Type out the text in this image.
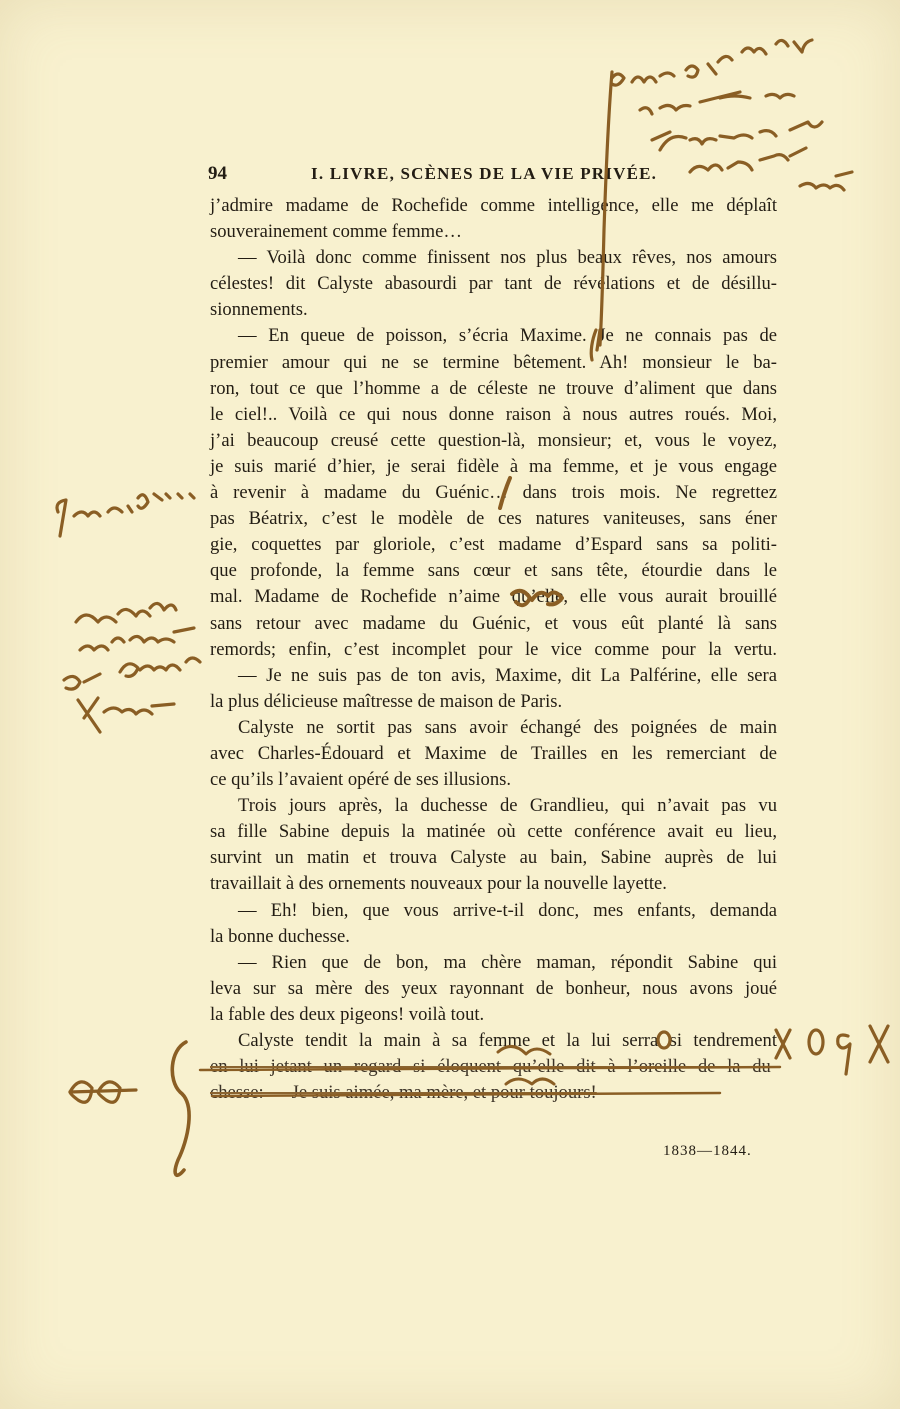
94	I. LIVRE, SCÈNES DE LA VIE PRIVÉE.
j’admire madame de Rochefide comme intelligence, elle me déplaît
souverainement comme femme…
— Voilà donc comme finissent nos plus beaux rêves, nos amours
célestes! dit Calyste abasourdi par tant de révélations et de désillu-
sionnements.
— En queue de poisson, s’écria Maxime. Je ne connais pas de
premier amour qui ne se termine bêtement. Ah! monsieur le ba-
ron, tout ce que l’homme a de céleste ne trouve d’aliment que dans
le ciel!.. Voilà ce qui nous donne raison à nous autres roués. Moi,
j’ai beaucoup creusé cette question-là, monsieur; et, vous le voyez,
je suis marié d’hier, je serai fidèle à ma femme, et je vous engage
à revenir à madame du Guénic… dans trois mois. Ne regrettez
pas Béatrix, c’est le modèle de ces natures vaniteuses, sans éner
gie, coquettes par gloriole, c’est madame d’Espard sans sa politi-
que profonde, la femme sans cœur et sans tête, étourdie dans le
mal. Madame de Rochefide n’aime qu’elle, elle vous aurait brouillé
sans retour avec madame du Guénic, et vous eût planté là sans
remords; enfin, c’est incomplet pour le vice comme pour la vertu.
— Je ne suis pas de ton avis, Maxime, dit La Palférine, elle sera
la plus délicieuse maîtresse de maison de Paris.
Calyste ne sortit pas sans avoir échangé des poignées de main
avec Charles-Édouard et Maxime de Trailles en les remerciant de
ce qu’ils l’avaient opéré de ses illusions.
Trois jours après, la duchesse de Grandlieu, qui n’avait pas vu
sa fille Sabine depuis la matinée où cette conférence avait eu lieu,
survint un matin et trouva Calyste au bain, Sabine auprès de lui
travaillait à des ornements nouveaux pour la nouvelle layette.
— Eh! bien, que vous arrive-t-il donc, mes enfants, demanda
la bonne duchesse.
— Rien que de bon, ma chère maman, répondit Sabine qui
leva sur sa mère des yeux rayonnant de bonheur, nous avons joué
la fable des deux pigeons! voilà tout.
Calyste tendit la main à sa femme et la lui serra si tendrement
en lui jetant un regard si éloquent qu’elle dit à l’oreille de la du-
chesse: — Je suis aimée, ma mère, et pour toujours!
1838—1844.
